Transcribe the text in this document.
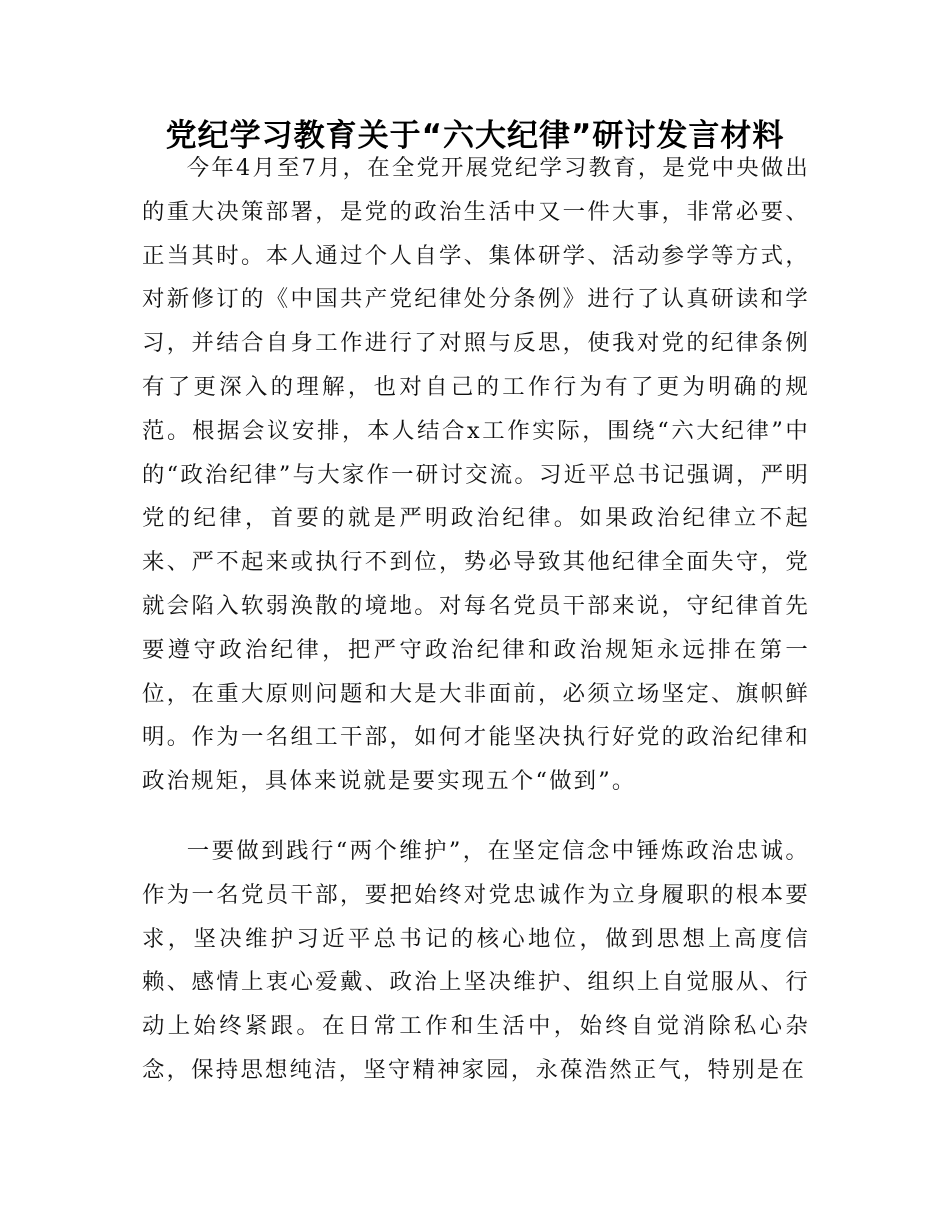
党纪学习教育关于“六大纪律”研讨发言材料

今年4月至7月，在全党开展党纪学习教育，是党中央做出的重大决策部署，是党的政治生活中又一件大事，非常必要、正当其时。本人通过个人自学、集体研学、活动参学等方式，对新修订的《中国共产党纪律处分条例》进行了认真研读和学习，并结合自身工作进行了对照与反思，使我对党的纪律条例有了更深入的理解，也对自己的工作行为有了更为明确的规范。根据会议安排，本人结合x工作实际，围绕“六大纪律”中的“政治纪律”与大家作一研讨交流。习近平总书记强调，严明党的纪律，首要的就是严明政治纪律。如果政治纪律立不起来、严不起来或执行不到位，势必导致其他纪律全面失守，党就会陷入软弱涣散的境地。对每名党员干部来说，守纪律首先要遵守政治纪律，把严守政治纪律和政治规矩永远排在第一位，在重大原则问题和大是大非面前，必须立场坚定、旗帜鲜明。作为一名组工干部，如何才能坚决执行好党的政治纪律和政治规矩，具体来说就是要实现五个“做到”。

一要做到践行“两个维护”，在坚定信念中锤炼政治忠诚。作为一名党员干部，要把始终对党忠诚作为立身履职的根本要求，坚决维护习近平总书记的核心地位，做到思想上高度信赖、感情上衷心爱戴、政治上坚决维护、组织上自觉服从、行动上始终紧跟。在日常工作和生活中，始终自觉消除私心杂念，保持思想纯洁，坚守精神家园，永葆浩然正气，特别是在
